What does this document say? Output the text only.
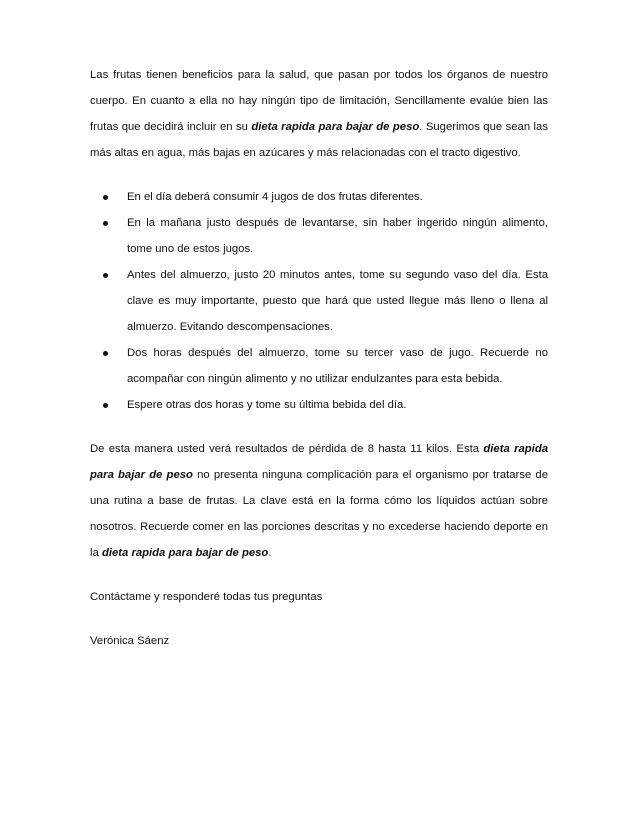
Las frutas tienen beneficios para la salud, que pasan por todos los órganos de nuestro cuerpo. En cuanto a ella no hay ningún tipo de limitación, Sencillamente evalúe bien las frutas que decidirá incluir en su dieta rapida para bajar de peso. Sugerimos que sean las más altas en agua, más bajas en azúcares y más relacionadas con el tracto digestivo.

En el día deberá consumir 4 jugos de dos frutas diferentes.
En la mañana justo después de levantarse, sin haber ingerido ningún alimento, tome uno de estos jugos.
Antes del almuerzo, justo 20 minutos antes, tome su segundo vaso del día. Esta clave es muy importante, puesto que hará que usted llegue más lleno o llena al almuerzo. Evitando descompensaciones.
Dos horas después del almuerzo, tome su tercer vaso de jugo. Recuerde no acompañar con ningún alimento y no utilizar endulzantes para esta bebida.
Espere otras dos horas y tome su última bebida del día.

De esta manera usted verá resultados de pérdida de 8 hasta 11 kilos. Esta dieta rapida para bajar de peso no presenta ninguna complicación para el organismo por tratarse de una rutina a base de frutas. La clave está en la forma cómo los líquidos actúan sobre nosotros. Recuerde comer en las porciones descritas y no excederse haciendo deporte en la dieta rapida para bajar de peso.

Contáctame y responderé todas tus preguntas

Verónica Sáenz
